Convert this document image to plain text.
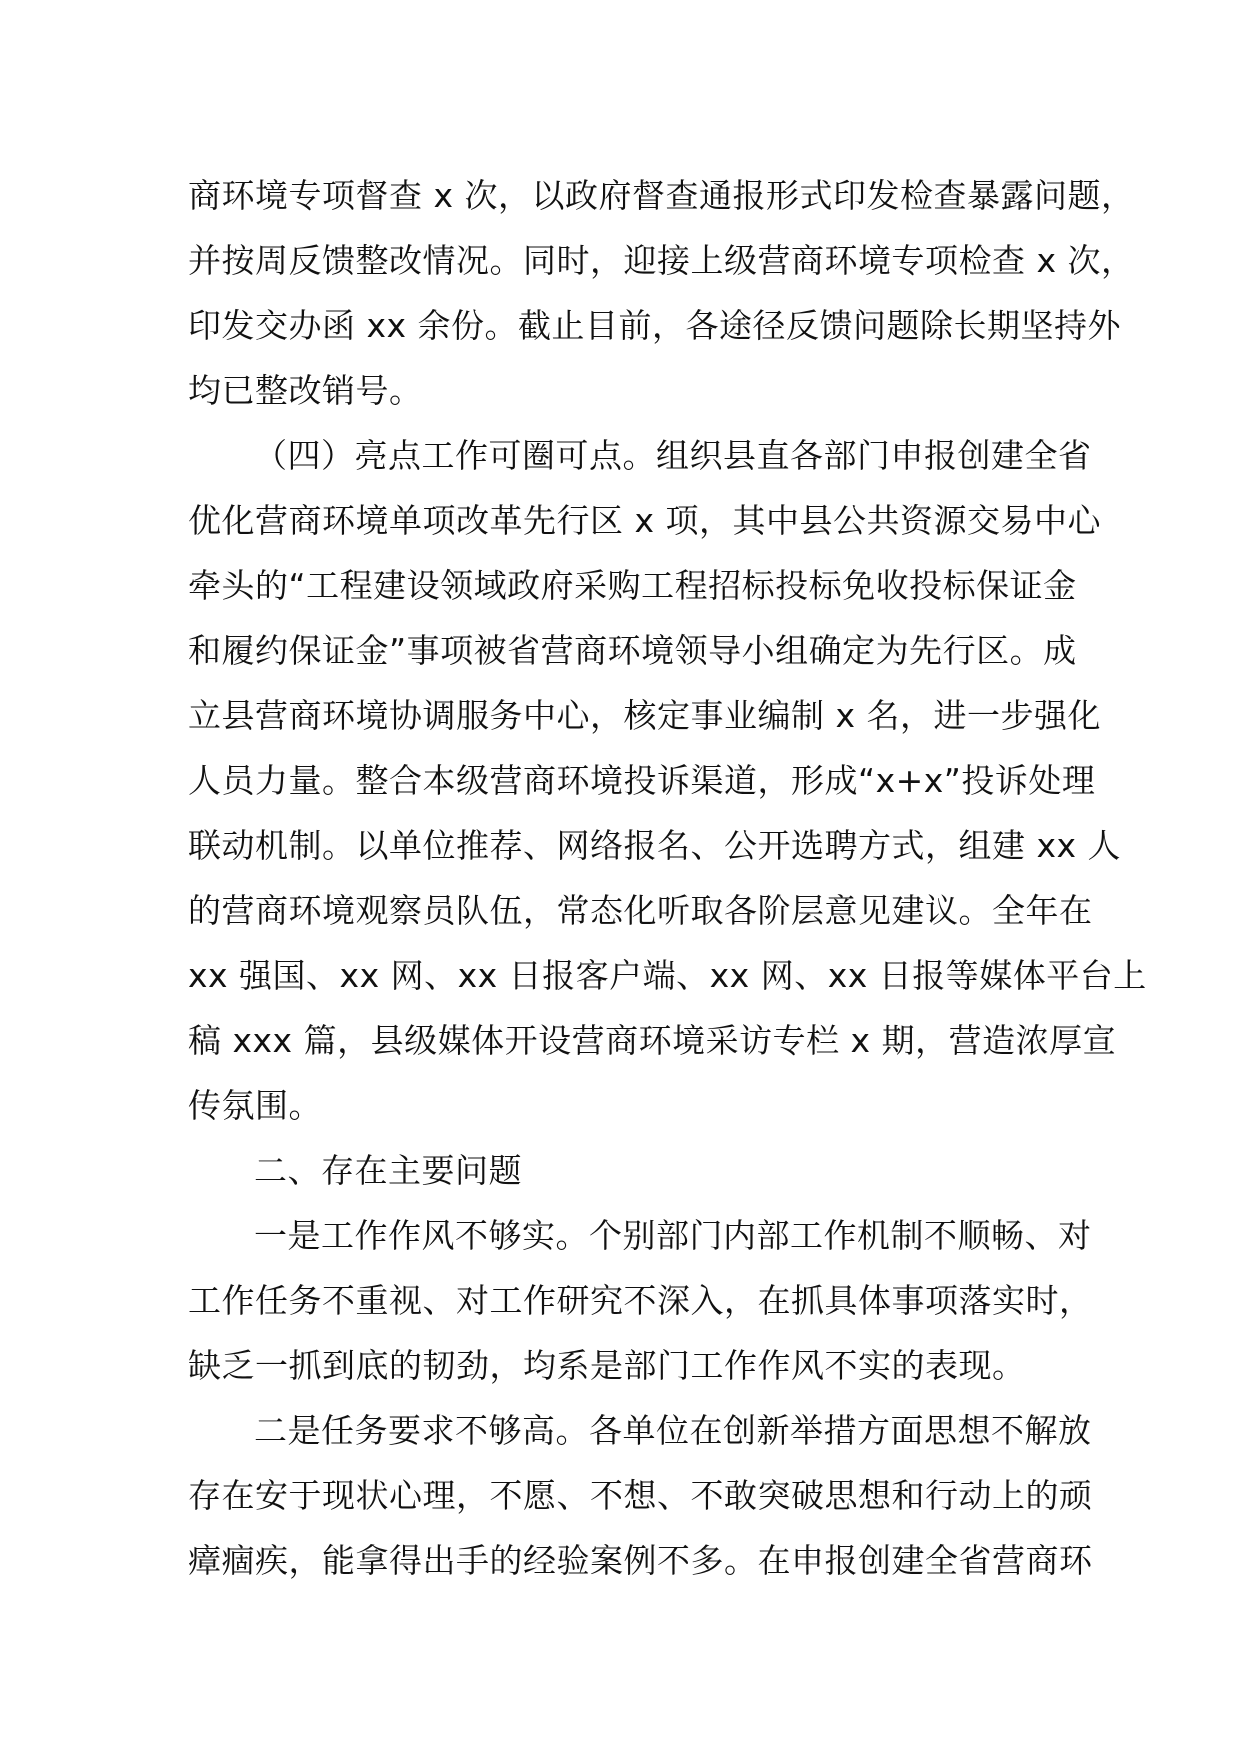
商环境专项督查 x 次，以政府督查通报形式印发检查暴露问题，
并按周反馈整改情况。同时，迎接上级营商环境专项检查 x 次，
印发交办函 xx 余份。截止目前，各途径反馈问题除长期坚持外
均已整改销号。
（四）亮点工作可圈可点。组织县直各部门申报创建全省
优化营商环境单项改革先行区 x 项，其中县公共资源交易中心
牵头的“工程建设领域政府采购工程招标投标免收投标保证金
和履约保证金”事项被省营商环境领导小组确定为先行区。成
立县营商环境协调服务中心，核定事业编制 x 名，进一步强化
人员力量。整合本级营商环境投诉渠道，形成“x+x”投诉处理
联动机制。以单位推荐、网络报名、公开选聘方式，组建 xx 人
的营商环境观察员队伍，常态化听取各阶层意见建议。全年在
xx 强国、xx 网、xx 日报客户端、xx 网、xx 日报等媒体平台上
稿 xxx 篇，县级媒体开设营商环境采访专栏 x 期，营造浓厚宣
传氛围。
二、存在主要问题
一是工作作风不够实。个别部门内部工作机制不顺畅、对
工作任务不重视、对工作研究不深入，在抓具体事项落实时，
缺乏一抓到底的韧劲，均系是部门工作作风不实的表现。
二是任务要求不够高。各单位在创新举措方面思想不解放
存在安于现状心理，不愿、不想、不敢突破思想和行动上的顽
瘴痼疾，能拿得出手的经验案例不多。在申报创建全省营商环
